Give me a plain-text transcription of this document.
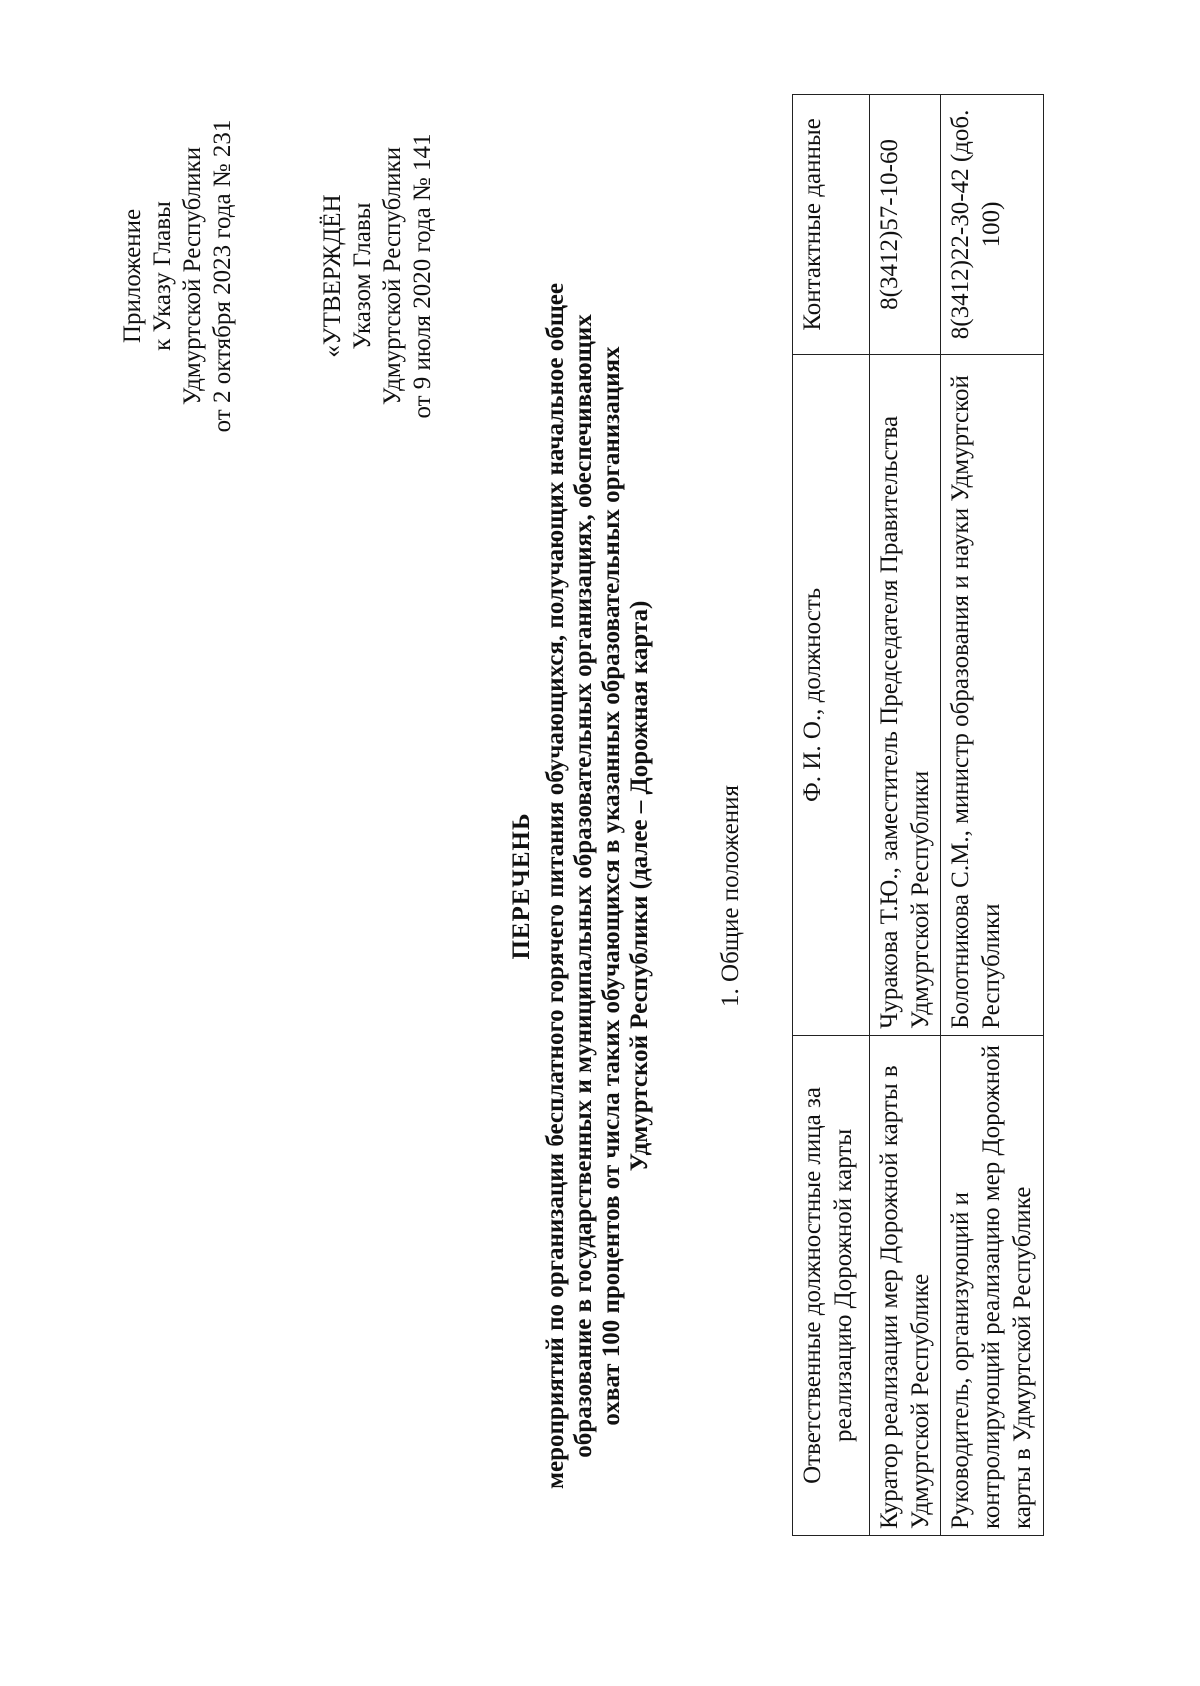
Приложение к Указу Главы Удмуртской Республики от 2 октября 2023 года № 231	«УТВЕРЖДЁН Указом Главы Удмуртской Республики от 9 июля 2020 года № 141
ПЕРЕЧЕНЬ мероприятий по организации бесплатного горячего питания обучающихся, получающих начальное общее образование в государственных и муниципальных образовательных организациях, обеспечивающих охват 100 процентов от числа таких обучающихся в указанных образовательных организациях Удмуртской Республики (далее – Дорожная карта)	1. Общие положения
Ответственные должностные лица за реализацию Дорожной карты	Ф. И. О., должность	Контактные данные
Куратор реализации мер Дорожной карты в Удмуртской Республике	Чуракова Т.Ю., заместитель Председателя Правительства Удмуртской Республики	8(3412)57-10-60
Руководитель, организующий и контролирующий реализацию мер Дорожной карты в Удмуртской Республике	Болотникова С.М., министр образования и науки Удмуртской Республики	8(3412)22-30-42 (доб. 100)
